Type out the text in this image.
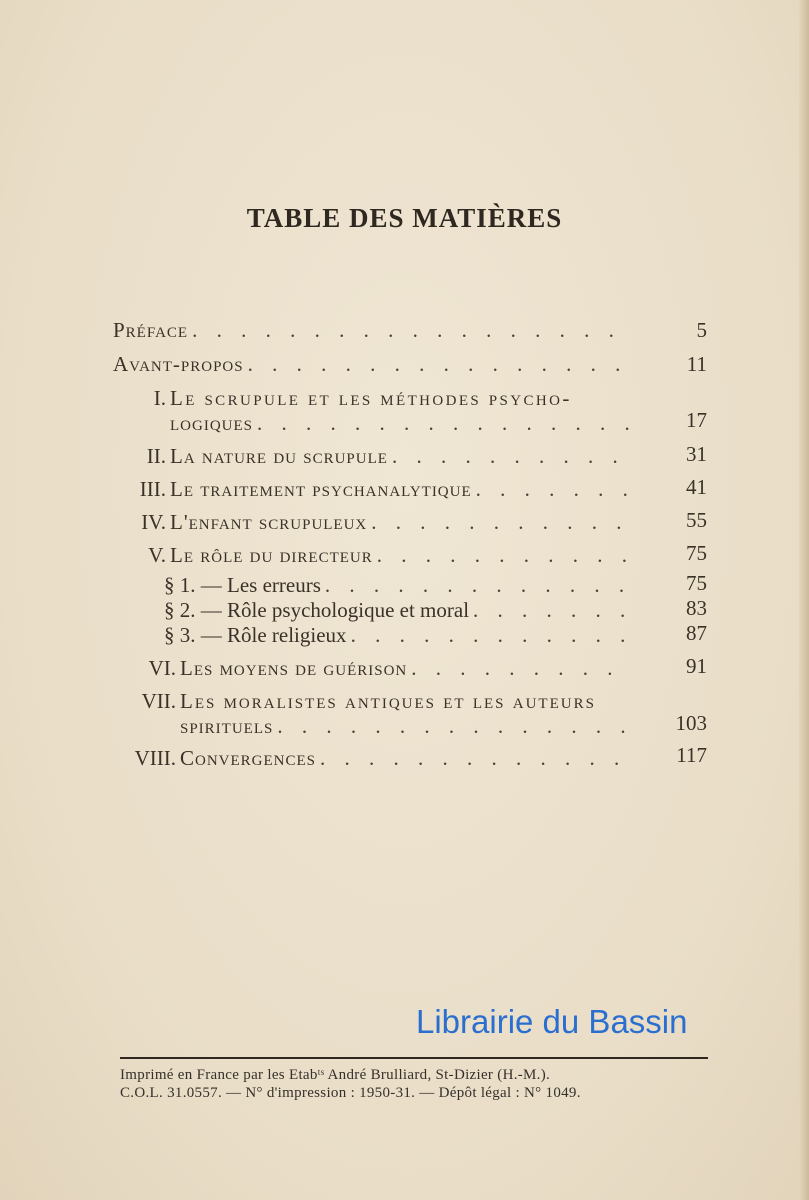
TABLE DES MATIÈRES
Préface . . .	5
Avant-propos . . .	11
I. Le scrupule et les méthodes psycho-
logiques . . .	17
II. La nature du scrupule . . .	31
III. Le traitement psychanalytique . . .	41
IV. L'enfant scrupuleux . . .	55
V. Le rôle du directeur . . .	75
§ 1. — Les erreurs . . .	75
§ 2. — Rôle psychologique et moral . . .	83
§ 3. — Rôle religieux . . .	87
VI. Les moyens de guérison . . .	91
VII. Les moralistes antiques et les auteurs
spirituels . . .	103
VIII. Convergences . . .	117
Librairie du Bassin
Imprimé en France par les Etabᵗˢ André Brulliard, St-Dizier (H.-M.).
C.O.L. 31.0557. — N° d'impression : 1950-31. — Dépôt légal : N° 1049.
